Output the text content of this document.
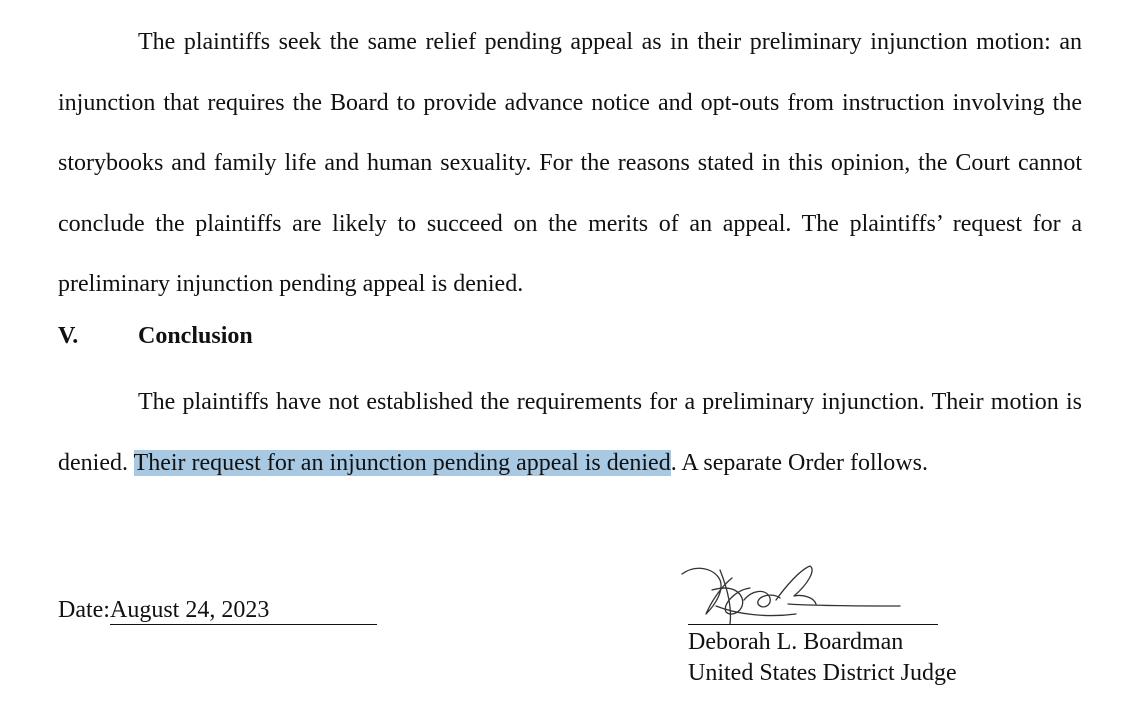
The plaintiffs seek the same relief pending appeal as in their preliminary injunction motion: an injunction that requires the Board to provide advance notice and opt-outs from instruction involving the storybooks and family life and human sexuality. For the reasons stated in this opinion, the Court cannot conclude the plaintiffs are likely to succeed on the merits of an appeal. The plaintiffs’ request for a preliminary injunction pending appeal is denied.

V. Conclusion

The plaintiffs have not established the requirements for a preliminary injunction. Their motion is denied. Their request for an injunction pending appeal is denied. A separate Order follows.

Date:August 24, 2023
Deborah L. Boardman
United States District Judge
